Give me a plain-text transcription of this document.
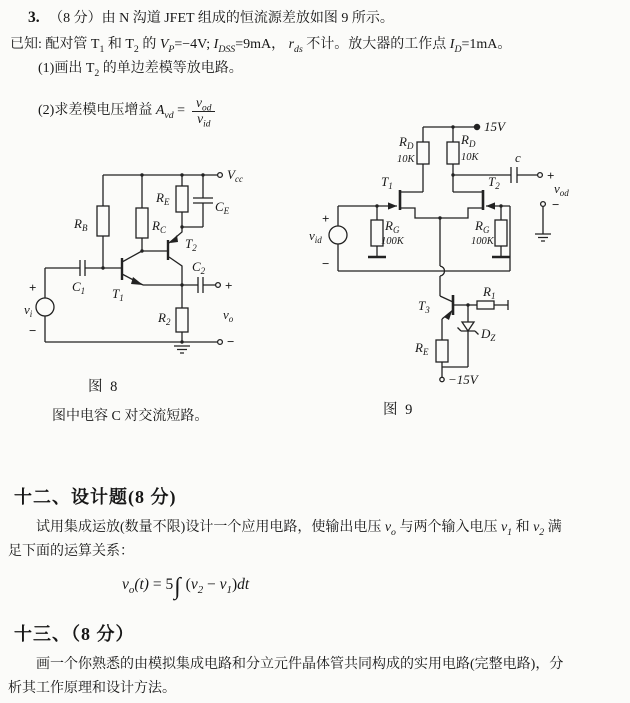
3. （8 分）由 N 沟道 JFET 组成的恒流源差放如图 9 所示。
已知: 配对管 $T_1$ 和 $T_2$ 的 $V_P=-4V$; $I_{DSS}=9mA$， $r_{ds}$ 不计。放大器的工作点 $I_D=1mA$。
(1)画出 $T_2$ 的单边差模等放电路。
(2)求差模电压增益 $A_{vd} = \frac{v_{od}}{v_{id}}$
$V_{cc}$
$R_B$	$R_C$
$R_E$	$C_E$
$C_1$ $T_1$
$T_2$
$C_2$
$R_2$
$v_i$	$v_o$
+
−
+
−
图 8
图中电容 C 对交流短路。
15V
$R_D$
10K
$R_D$
10K	c
+
$v_{od}$
−
$T_1$	$T_2$
$R_G$
100K
$R_G$
100K
+
−
$v_{id}$
$T_3$
$R_1$
$D_Z$
$R_E$
−15V
图 9
十二、设计题(8 分)
试用集成运放(数量不限)设计一个应用电路，使输出电压 $v_o$ 与两个输入电压 $v_1$ 和 $v_2$ 满
足下面的运算关系：
$v_o(t) = 5\int$ $(v_2 - v_1)dt$
十三、（8 分）
画一个你熟悉的由模拟集成电路和分立元件晶体管共同构成的实用电路(完整电路)，分
析其工作原理和设计方法。
